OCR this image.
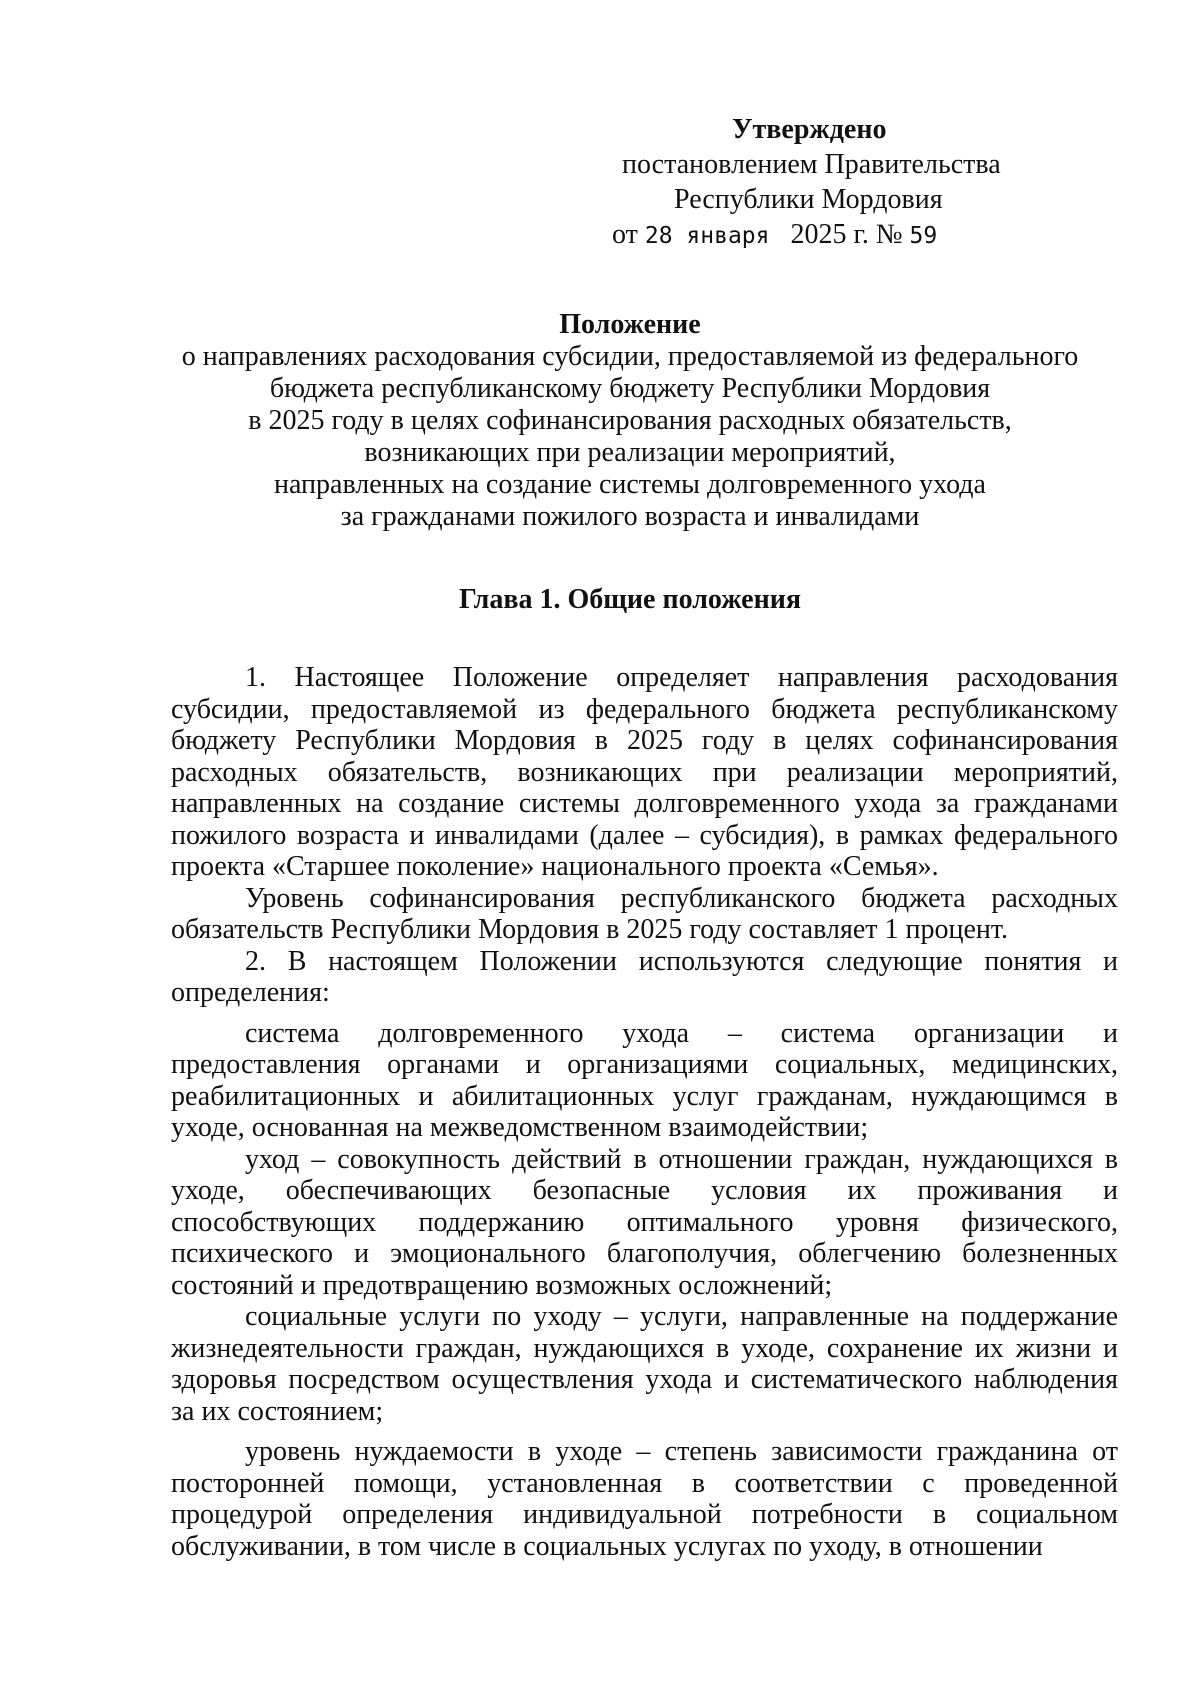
Утверждено
постановлением Правительства
Республики Мордовия
от 28 января 2025 г. № 59
Положение
о направлениях расходования субсидии, предоставляемой из федерального
бюджета республиканскому бюджету Республики Мордовия
в 2025 году в целях софинансирования расходных обязательств,
возникающих при реализации мероприятий,
направленных на создание системы долговременного ухода
за гражданами пожилого возраста и инвалидами
Глава 1. Общие положения

1. Настоящее Положение определяет направления расходования субсидии, предоставляемой из федерального бюджета республиканскому бюджету Республики Мордовия в 2025 году в целях софинансирования расходных обязательств, возникающих при реализации мероприятий, направленных на создание системы долговременного ухода за гражданами пожилого возраста и инвалидами (далее – субсидия), в рамках федерального проекта «Старшее поколение» национального проекта «Семья».

Уровень софинансирования республиканского бюджета расходных обязательств Республики Мордовия в 2025 году составляет 1 процент.

2. В настоящем Положении используются следующие понятия и определения:

система долговременного ухода – система организации и предоставления органами и организациями социальных, медицинских, реабилитационных и абилитационных услуг гражданам, нуждающимся в уходе, основанная на межведомственном взаимодействии;

уход – совокупность действий в отношении граждан, нуждающихся в уходе, обеспечивающих безопасные условия их проживания и способствующих поддержанию оптимального уровня физического, психического и эмоционального благополучия, облегчению болезненных состояний и предотвращению возможных осложнений;

социальные услуги по уходу – услуги, направленные на поддержание жизнедеятельности граждан, нуждающихся в уходе, сохранение их жизни и здоровья посредством осуществления ухода и систематического наблюдения за их состоянием;

уровень нуждаемости в уходе – степень зависимости гражданина от посторонней помощи, установленная в соответствии с проведенной процедурой определения индивидуальной потребности в социальном обслуживании, в том числе в социальных услугах по уходу, в отношении
